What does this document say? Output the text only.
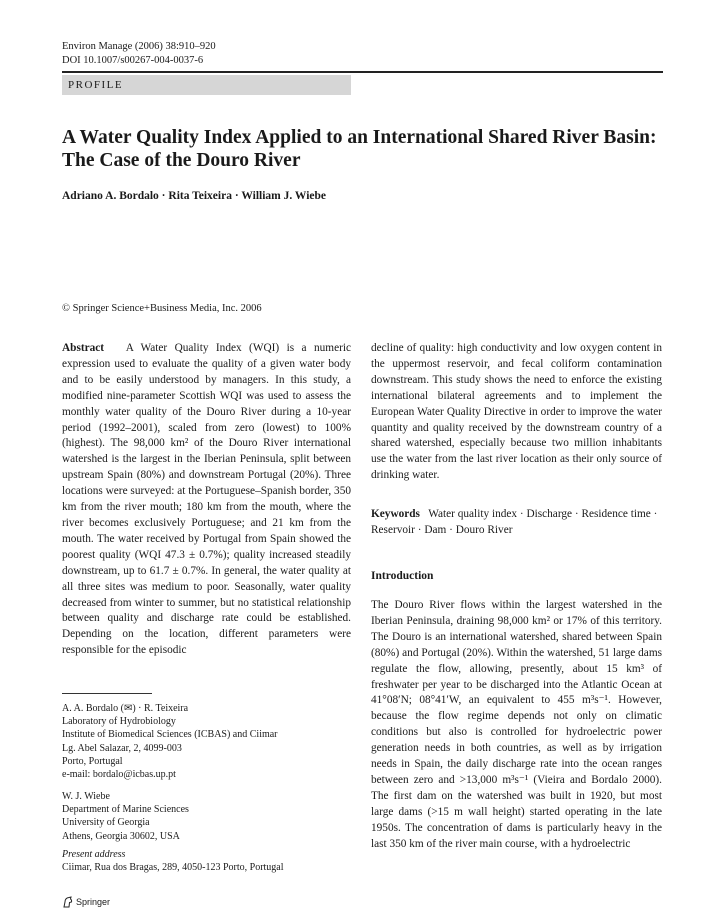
Environ Manage (2006) 38:910–920
DOI 10.1007/s00267-004-0037-6
PROFILE
A Water Quality Index Applied to an International Shared River Basin: The Case of the Douro River
Adriano A. Bordalo · Rita Teixeira · William J. Wiebe
© Springer Science+Business Media, Inc. 2006

Abstract A Water Quality Index (WQI) is a numeric expression used to evaluate the quality of a given water body and to be easily understood by managers. In this study, a modified nine-parameter Scottish WQI was used to assess the monthly water quality of the Douro River during a 10-year period (1992–2001), scaled from zero (lowest) to 100% (highest). The 98,000 km² of the Douro River international watershed is the largest in the Iberian Peninsula, split between upstream Spain (80%) and downstream Portugal (20%). Three locations were surveyed: at the Portuguese–Spanish border, 350 km from the river mouth; 180 km from the mouth, where the river becomes exclusively Portuguese; and 21 km from the mouth. The water received by Portugal from Spain showed the poorest quality (WQI 47.3 ± 0.7%); quality increased steadily downstream, up to 61.7 ± 0.7%. In general, the water quality at all three sites was medium to poor. Seasonally, water quality decreased from winter to summer, but no statistical relationship between quality and discharge rate could be established. Depending on the location, different parameters were responsible for the episodic

A. A. Bordalo (✉) · R. Teixeira

Laboratory of Hydrobiology

Institute of Biomedical Sciences (ICBAS) and Ciimar

Lg. Abel Salazar, 2, 4099-003

Porto, Portugal

e-mail: bordalo@icbas.up.pt

W. J. Wiebe

Department of Marine Sciences

University of Georgia

Athens, Georgia 30602, USA

Present address

Ciimar, Rua dos Bragas, 289, 4050-123 Porto, Portugal

decline of quality: high conductivity and low oxygen content in the uppermost reservoir, and fecal coliform contamination downstream. This study shows the need to enforce the existing international bilateral agreements and to implement the European Water Quality Directive in order to improve the water quantity and quality received by the downstream country of a shared watershed, especially because two million inhabitants use the water from the last river location as their only source of drinking water.

Keywords Water quality index · Discharge · Residence time · Reservoir · Dam · Douro River
Introduction

The Douro River flows within the largest watershed in the Iberian Peninsula, draining 98,000 km² or 17% of this territory. The Douro is an international watershed, shared between Spain (80%) and Portugal (20%). Within the watershed, 51 large dams regulate the flow, allowing, presently, about 15 km³ of freshwater per year to be discharged into the Atlantic Ocean at 41°08′N; 08°41′W, an equivalent to 455 m³s⁻¹. However, because the flow regime depends not only on climatic conditions but also is controlled for hydroelectric power generation needs in both countries, as well as by irrigation needs in Spain, the daily discharge rate into the ocean ranges between zero and >13,000 m³s⁻¹ (Vieira and Bordalo 2000). The first dam on the watershed was built in 1920, but most large dams (>15 m wall height) started operating in the late 1950s. The concentration of dams is particularly heavy in the last 350 km of the river main course, with a hydroelectric

Springer
